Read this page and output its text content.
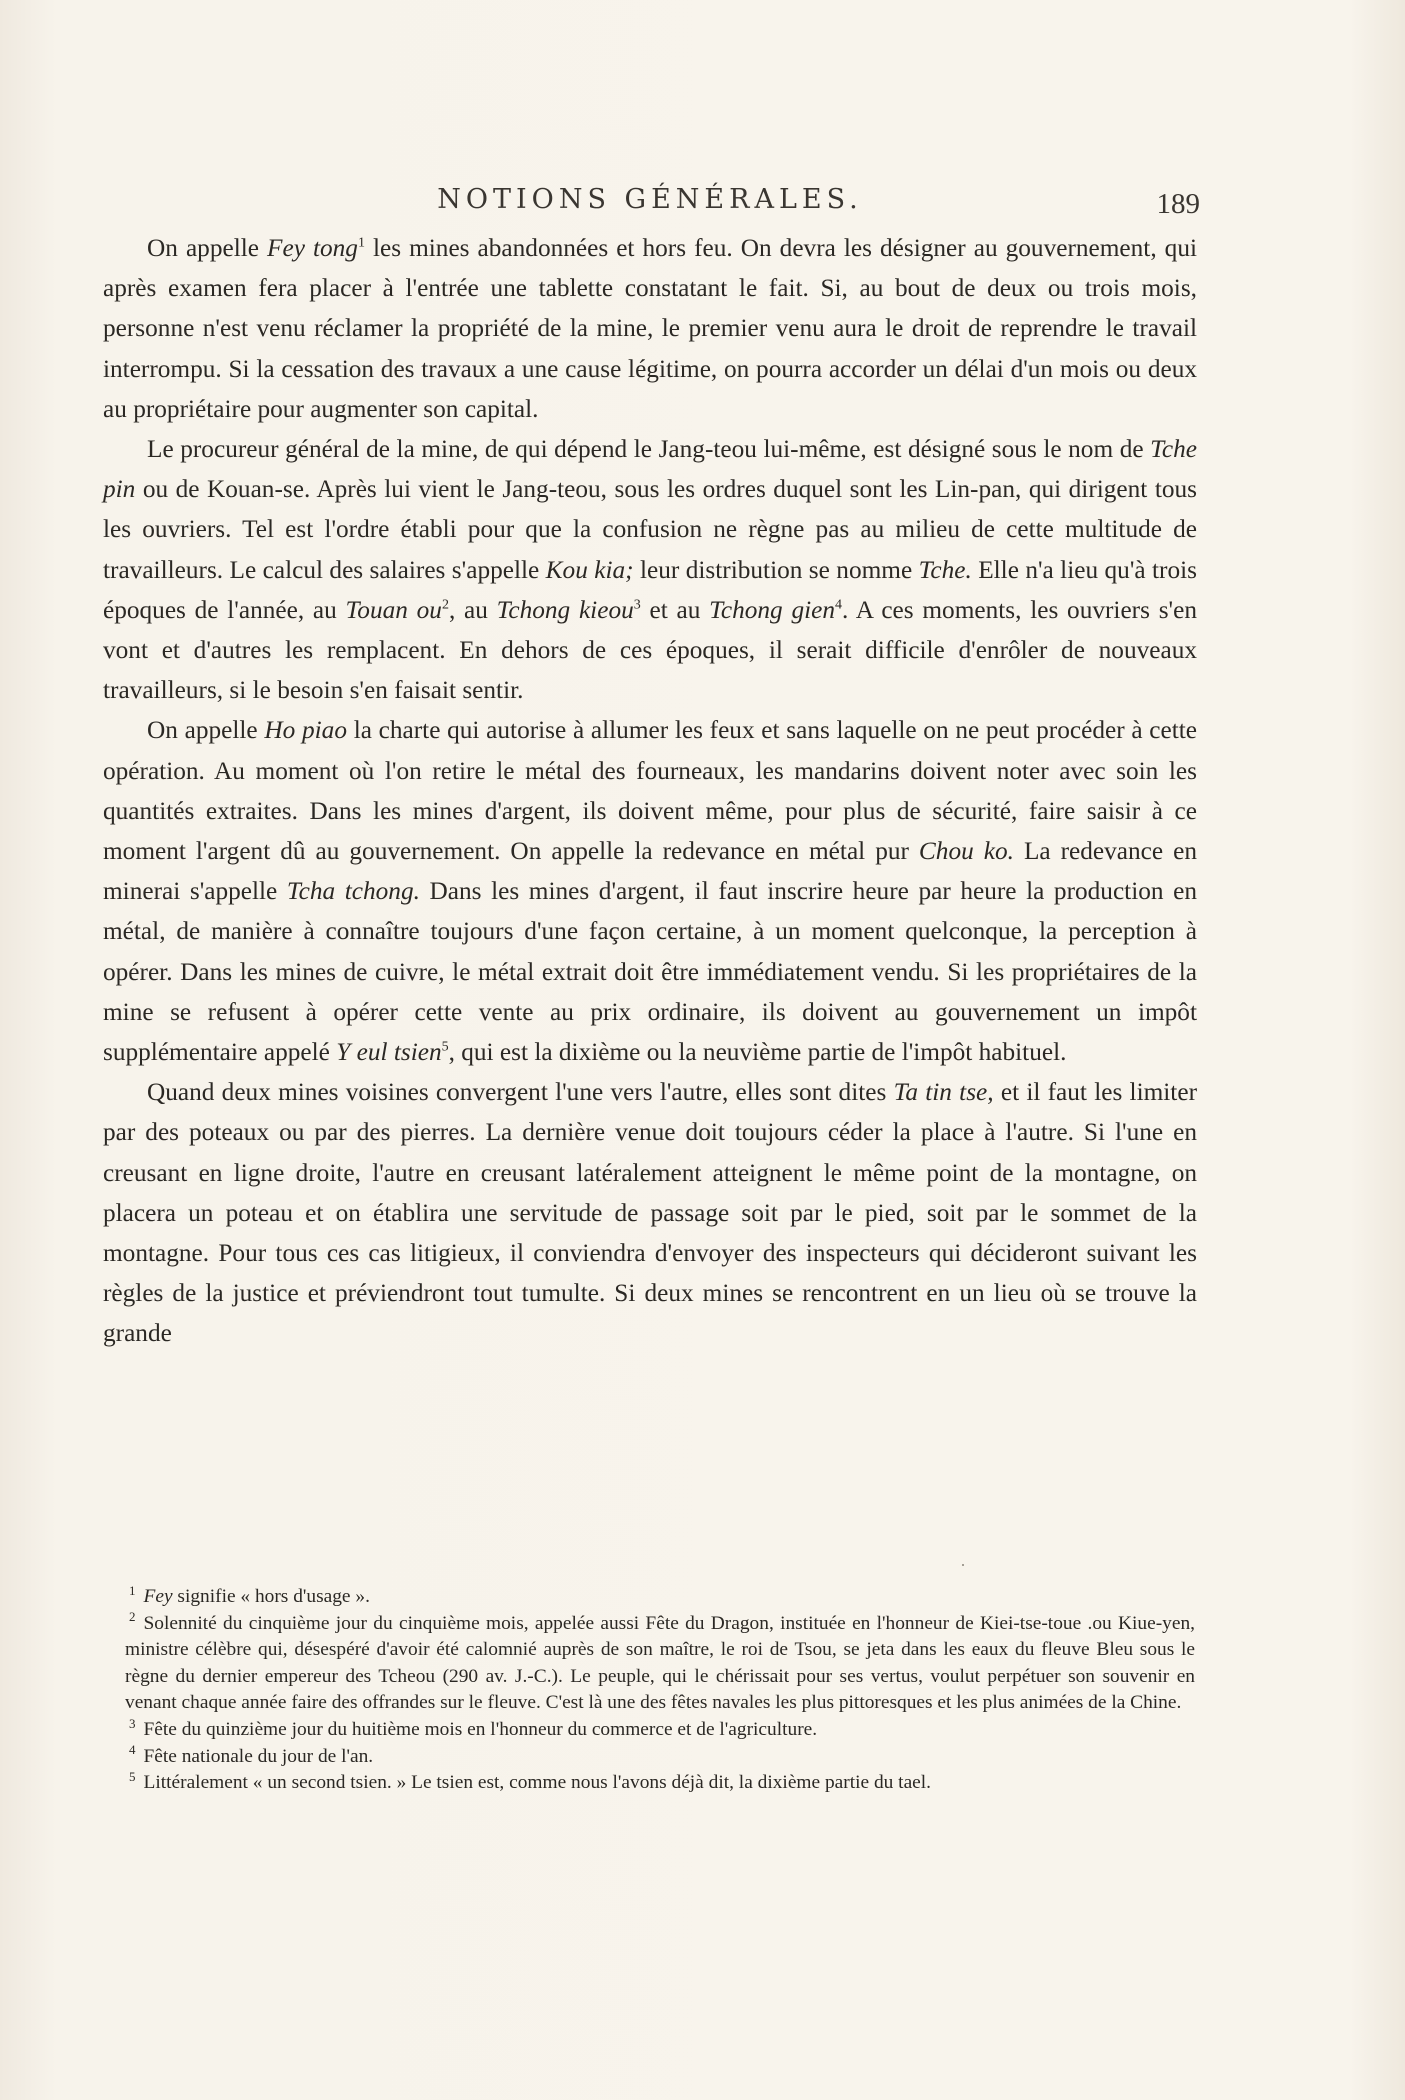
NOTIONS GÉNÉRALES.	189

On appelle Fey tong$^1$ les mines abandonnées et hors feu. On devra les désigner au gouvernement, qui après examen fera placer à l'entrée une tablette constatant le fait. Si, au bout de deux ou trois mois, personne n'est venu réclamer la propriété de la mine, le premier venu aura le droit de reprendre le travail interrompu. Si la cessation des travaux a une cause légitime, on pourra accorder un délai d'un mois ou deux au propriétaire pour augmenter son capital.

Le procureur général de la mine, de qui dépend le Jang-teou lui-même, est désigné sous le nom de Tche pin ou de Kouan-se. Après lui vient le Jang-teou, sous les ordres duquel sont les Lin-pan, qui dirigent tous les ouvriers. Tel est l'ordre établi pour que la confusion ne règne pas au milieu de cette multitude de travailleurs. Le calcul des salaires s'appelle Kou kia; leur distribution se nomme Tche. Elle n'a lieu qu'à trois époques de l'année, au Touan $ou^2$, au Tchong kieou$^3$ et au Tchong gien$^4$. A ces moments, les ouvriers s'en vont et d'autres les remplacent. En dehors de ces époques, il serait difficile d'enrôler de nouveaux travailleurs, si le besoin s'en faisait sentir.

On appelle Ho piao la charte qui autorise à allumer les feux et sans laquelle on ne peut procéder à cette opération. Au moment où l'on retire le métal des fourneaux, les mandarins doivent noter avec soin les quantités extraites. Dans les mines d'argent, ils doivent même, pour plus de sécurité, faire saisir à ce moment l'argent dû au gouvernement. On appelle la redevance en métal pur Chou ko. La redevance en minerai s'appelle Tcha tchong. Dans les mines d'argent, il faut inscrire heure par heure la production en métal, de manière à connaître toujours d'une façon certaine, à un moment quelconque, la perception à opérer. Dans les mines de cuivre, le métal extrait doit être immédiatement vendu. Si les propriétaires de la mine se refusent à opérer cette vente au prix ordinaire, ils doivent au gouvernement un impôt supplémentaire appelé Y eul tsien$^5$, qui est la dixième ou la neuvième partie de l'impôt habituel.

Quand deux mines voisines convergent l'une vers l'autre, elles sont dites Ta tin tse, et il faut les limiter par des poteaux ou par des pierres. La dernière venue doit toujours céder la place à l'autre. Si l'une en creusant en ligne droite, l'autre en creusant latéralement atteignent le même point de la montagne, on placera un poteau et on établira une servitude de passage soit par le pied, soit par le sommet de la montagne. Pour tous ces cas litigieux, il conviendra d'envoyer des inspecteurs qui décideront suivant les règles de la justice et préviendront tout tumulte. Si deux mines se rencontrent en un lieu où se trouve la grande

$^1$ Fey signifie « hors d'usage ».

$^2$ Solennité du cinquième jour du cinquième mois, appelée aussi Fête du Dragon, instituée en l'honneur de Kiei-tse-toue .ou Kiue-yen, ministre célèbre qui, désespéré d'avoir été calomnié auprès de son maître, le roi de Tsou, se jeta dans les eaux du fleuve Bleu sous le règne du dernier empereur des Tcheou (290 av. J.-C.). Le peuple, qui le chérissait pour ses vertus, voulut perpétuer son souvenir en venant chaque année faire des offrandes sur le fleuve. C'est là une des fêtes navales les plus pittoresques et les plus animées de la Chine.

$^3$ Fête du quinzième jour du huitième mois en l'honneur du commerce et de l'agriculture.

$^4$ Fête nationale du jour de l'an.

$^5$ Littéralement « un second tsien. » Le tsien est, comme nous l'avons déjà dit, la dixième partie du tael.
